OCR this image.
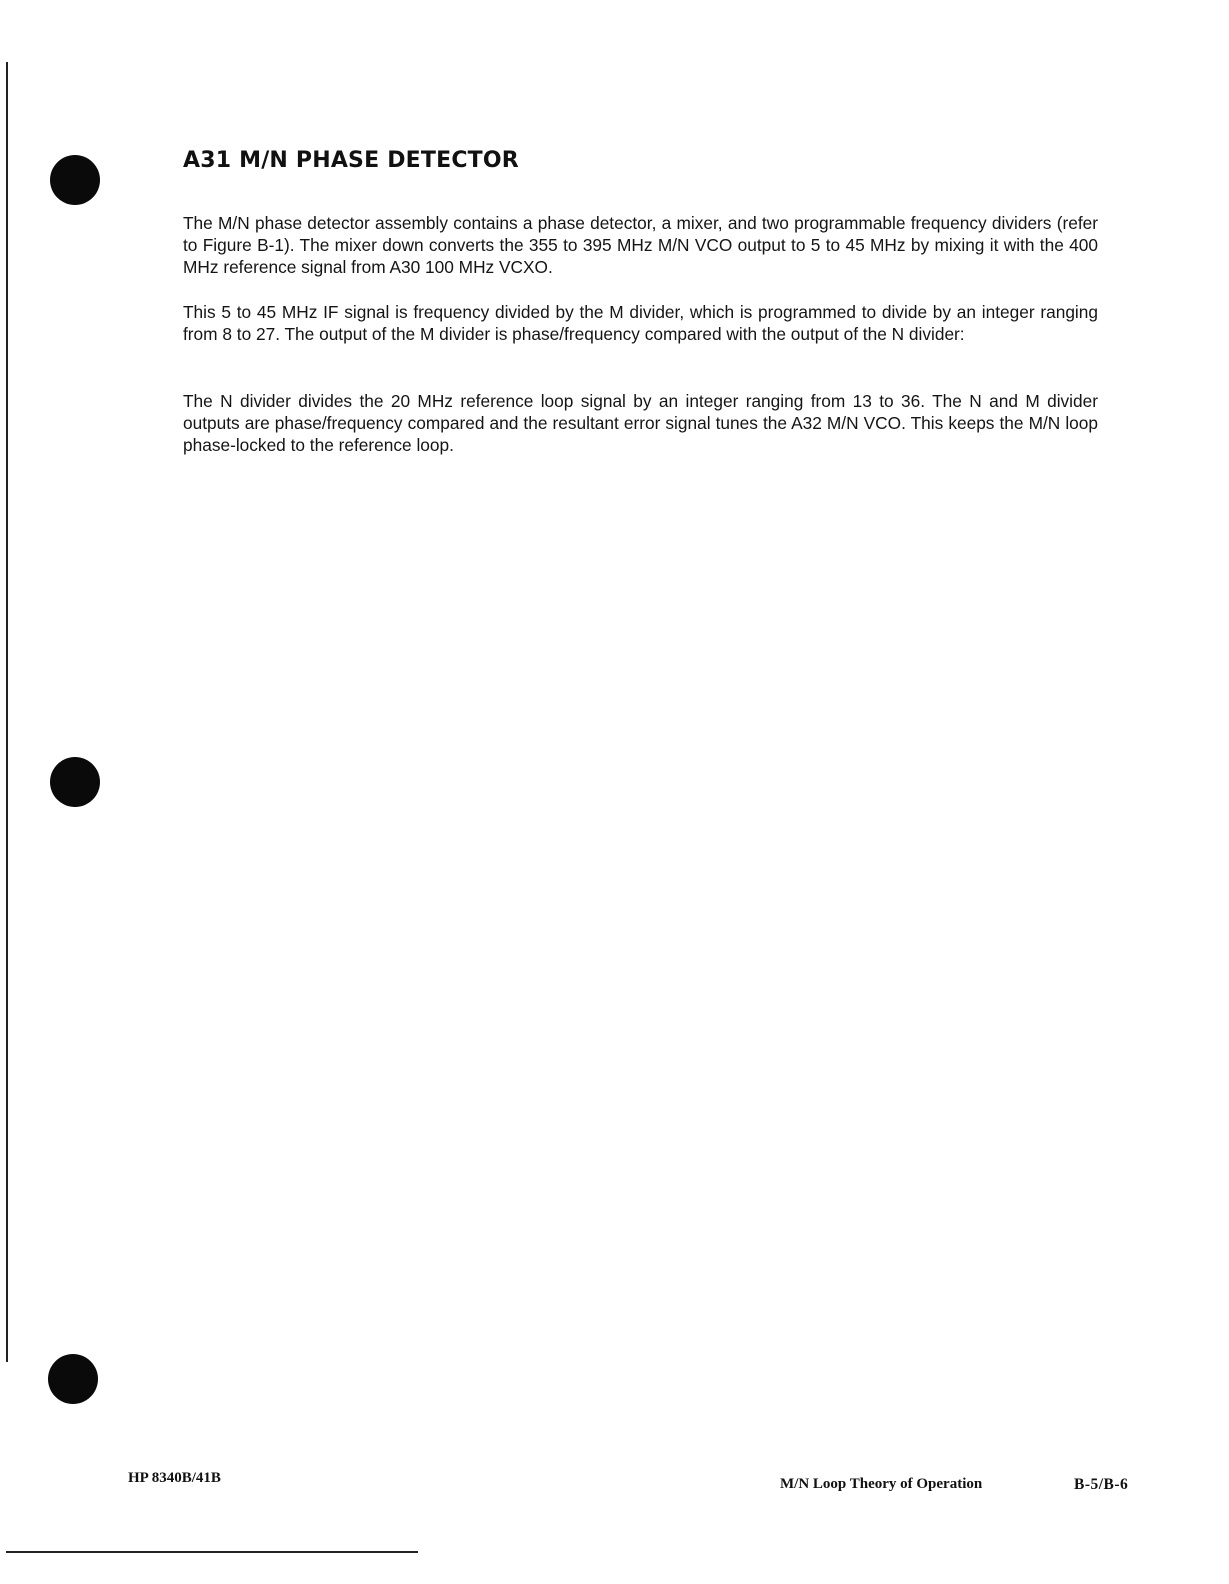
A31 M/N PHASE DETECTOR

The M/N phase detector assembly contains a phase detector, a mixer, and two programmable frequency dividers (refer to Figure B-1). The mixer down converts the 355 to 395 MHz M/N VCO output to 5 to 45 MHz by mixing it with the 400 MHz reference signal from A30 100 MHz VCXO.

This 5 to 45 MHz IF signal is frequency divided by the M divider, which is programmed to divide by an integer ranging from 8 to 27. The output of the M divider is phase/frequency compared with the output of the N divider:

The N divider divides the 20 MHz reference loop signal by an integer ranging from 13 to 36. The N and M divider outputs are phase/frequency compared and the resultant error signal tunes the A32 M/N VCO. This keeps the M/N loop phase-locked to the reference loop.

HP 8340B/41B	M/N Loop Theory of Operation	B-5/B-6
